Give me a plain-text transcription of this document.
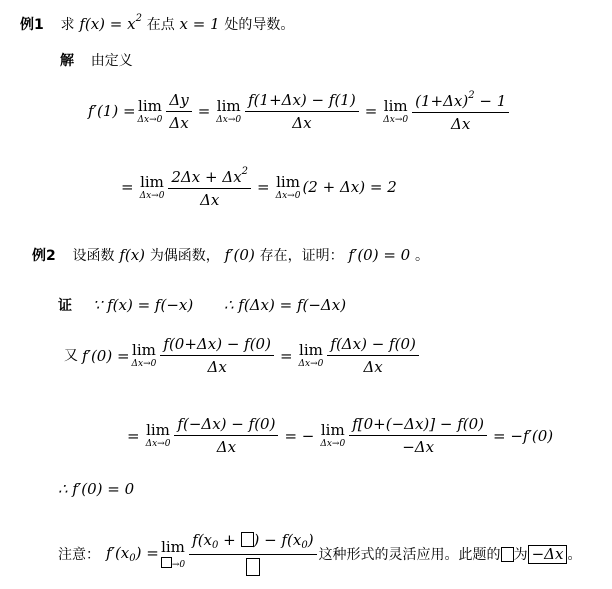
例1 求 $f(x) = x^2$ 在点 x = 1 处的导数。
解 由定义
f′(1) = lim
$\Delta x\to 0 \frac{\Delta y}{\Delta x} = \lim$
$\Delta x\to 0 \frac{f(1+\Delta x) - f(1)}{\Delta x} = \lim$
$\Delta x\to 0 \frac{(1+\Delta x)^2 - 1}{\Delta x}$
= lim
$\Delta x\to 0 \frac{2\Delta x + \Delta x^2}{\Delta x} = \lim$
Δx→0 (2 + Δx) = 2
例2 设函数 f(x) 为偶函数， f′(0) 存在，证明： f′(0) = 0 。
证 ∵ f(x) = f(−x) ∴ f(Δx) = f(−Δx)
又 f′(0) = lim
$\Delta x\to 0 \frac{f(0+\Delta x) - f(0)}{\Delta x} = \lim$
$\Delta x\to 0 \frac{f(\Delta x) - f(0)}{\Delta x}$
= lim
$\Delta x\to 0 \frac{f(-\Delta x) - f(0)}{\Delta x}$ = − lim
$\Delta x\to 0 \frac{f[0+(-\Delta x)] - f(0)}{-\Delta x} = -f'(0)$
∴ f′(0) = 0
注意： $f'(x_0) = \lim$
→0
$f(x_0$ + ) − $f(x_0)$
这种形式的灵活应用。此题的 为 −Δx 。
